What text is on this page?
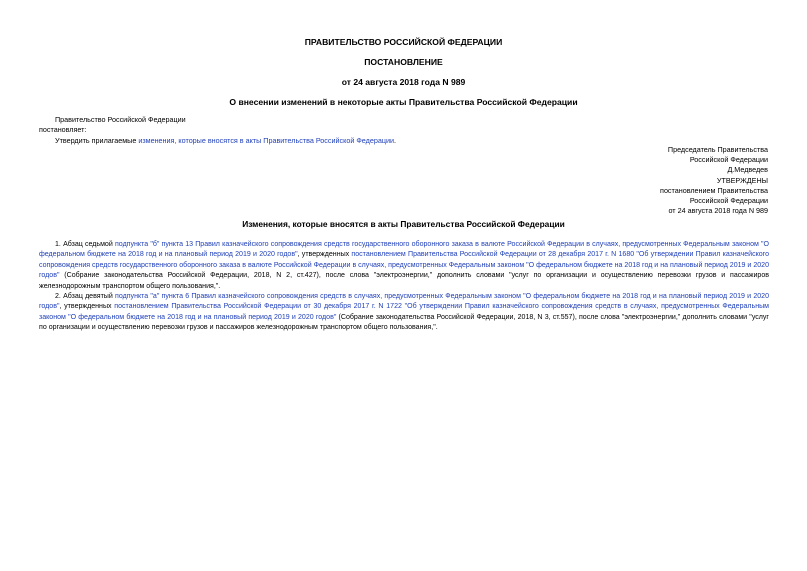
ПРАВИТЕЛЬСТВО РОССИЙСКОЙ ФЕДЕРАЦИИ
ПОСТАНОВЛЕНИЕ
от 24 августа 2018 года N 989
О внесении изменений в некоторые акты Правительства Российской Федерации
Правительство Российской Федерации
постановляет:
Утвердить прилагаемые изменения, которые вносятся в акты Правительства Российской Федерации.
Председатель Правительства
Российской Федерации
Д.Медведев
УТВЕРЖДЕНЫ
постановлением Правительства
Российской Федерации
от 24 августа 2018 года N 989
Изменения, которые вносятся в акты Правительства Российской Федерации
1. Абзац седьмой подпункта "б" пункта 13 Правил казначейского сопровождения средств государственного оборонного заказа в валюте Российской Федерации в случаях, предусмотренных Федеральным законом "О федеральном бюджете на 2018 год и на плановый период 2019 и 2020 годов", утвержденных постановлением Правительства Российской Федерации от 28 декабря 2017 г. N 1680 "Об утверждении Правил казначейского сопровождения средств государственного оборонного заказа в валюте Российской Федерации в случаях, предусмотренных Федеральным законом "О федеральном бюджете на 2018 год и на плановый период 2019 и 2020 годов" (Собрание законодательства Российской Федерации, 2018, N 2, ст.427), после слова "электроэнергии," дополнить словами "услуг по организации и осуществлению перевозки грузов и пассажиров железнодорожным транспортом общего пользования,".
2. Абзац девятый подпункта "а" пункта 6 Правил казначейского сопровождения средств в случаях, предусмотренных Федеральным законом "О федеральном бюджете на 2018 год и на плановый период 2019 и 2020 годов", утвержденных постановлением Правительства Российской Федерации от 30 декабря 2017 г. N 1722 "Об утверждении Правил казначейского сопровождения средств в случаях, предусмотренных Федеральным законом "О федеральном бюджете на 2018 год и на плановый период 2019 и 2020 годов" (Собрание законодательства Российской Федерации, 2018, N 3, ст.557), после слова "электроэнергии," дополнить словами "услуг по организации и осуществлению перевозки грузов и пассажиров железнодорожным транспортом общего пользования,".
